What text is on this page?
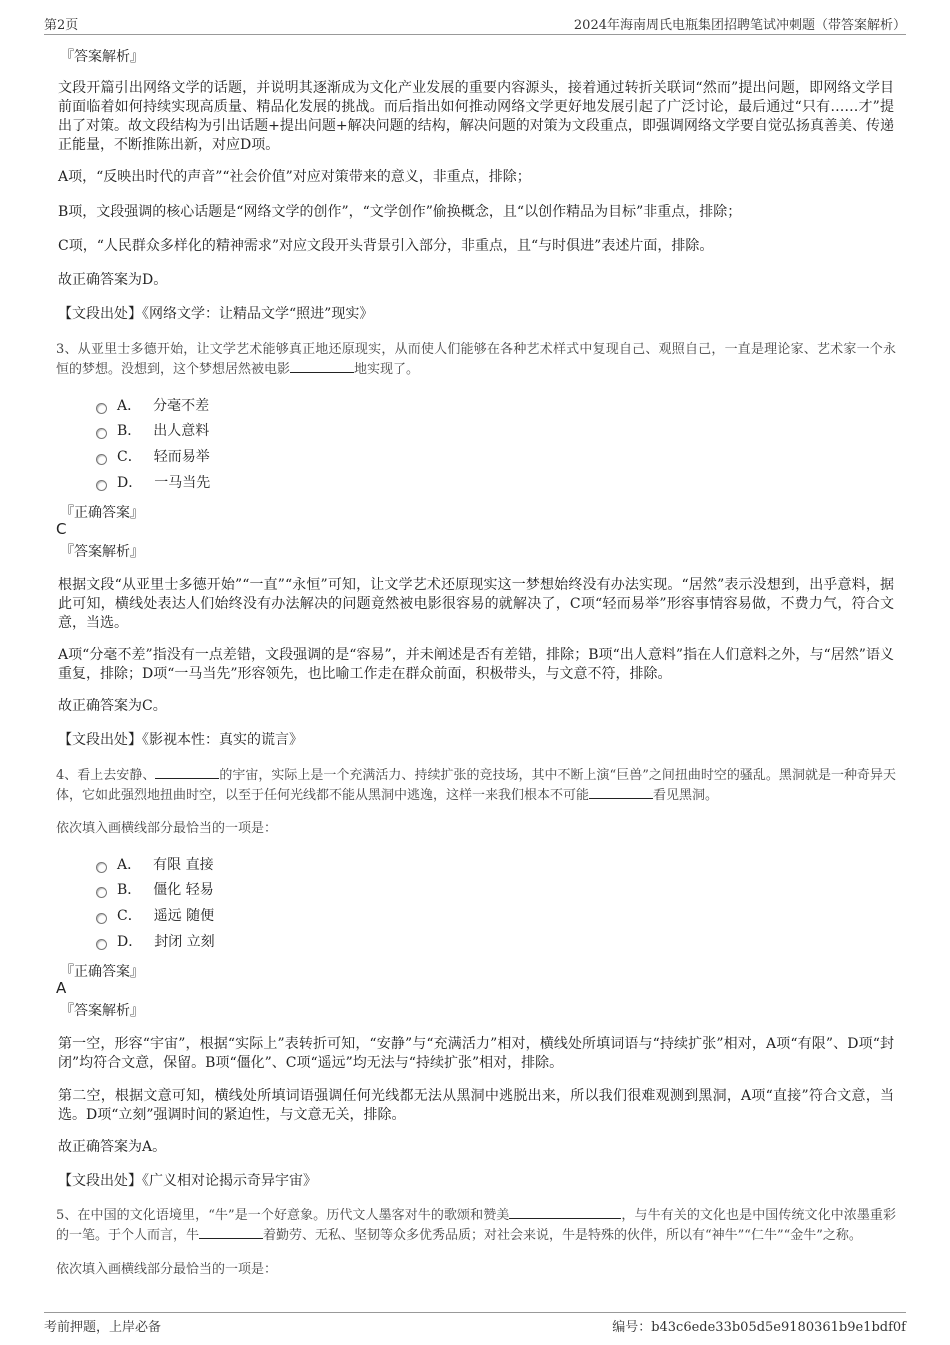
第2页	2024年海南周氏电瓶集团招聘笔试冲刺题（带答案解析）
『答案解析』
文段开篇引出网络文学的话题，并说明其逐渐成为文化产业发展的重要内容源头，接着通过转折关联词“然而”提出问题，即网络文学目前面临着如何持续实现高质量、精品化发展的挑战。而后指出如何推动网络文学更好地发展引起了广泛讨论，最后通过“只有……才”提出了对策。故文段结构为引出话题+提出问题+解决问题的结构，解决问题的对策为文段重点，即强调网络文学要自觉弘扬真善美、传递正能量，不断推陈出新，对应D项。
A项，“反映出时代的声音”“社会价值”对应对策带来的意义，非重点，排除；
B项，文段强调的核心话题是“网络文学的创作”，“文学创作”偷换概念，且“以创作精品为目标”非重点，排除；
C项，“人民群众多样化的精神需求”对应文段开头背景引入部分，非重点，且“与时俱进”表述片面，排除。
故正确答案为D。
【文段出处】《网络文学：让精品文学“照进”现实》
3、从亚里士多德开始，让文学艺术能够真正地还原现实，从而使人们能够在各种艺术样式中复现自己、观照自己，一直是理论家、艺术家一个永恒的梦想。没想到，这个梦想居然被电影	地实现了。
A． 分毫不差
B． 出人意料
C． 轻而易举
D． 一马当先
『正确答案』
C
『答案解析』
根据文段“从亚里士多德开始”“一直”“永恒”可知，让文学艺术还原现实这一梦想始终没有办法实现。“居然”表示没想到，出乎意料，据此可知，横线处表达人们始终没有办法解决的问题竟然被电影很容易的就解决了，C项“轻而易举”形容事情容易做，不费力气，符合文意，当选。
A项“分毫不差”指没有一点差错，文段强调的是“容易”，并未阐述是否有差错，排除；B项“出人意料”指在人们意料之外，与“居然”语义重复，排除；D项“一马当先”形容领先，也比喻工作走在群众前面，积极带头，与文意不符，排除。
故正确答案为C。
【文段出处】《影视本性：真实的谎言》
4、看上去安静、	的宇宙，实际上是一个充满活力、持续扩张的竞技场，其中不断上演“巨兽”之间扭曲时空的骚乱。黑洞就是一种奇异天体，它如此强烈地扭曲时空，以至于任何光线都不能从黑洞中逃逸，这样一来我们根本不可能	看见黑洞。
依次填入画横线部分最恰当的一项是：
A． 有限 直接
B． 僵化 轻易
C． 遥远 随便
D． 封闭 立刻
『正确答案』
A
『答案解析』
第一空，形容“宇宙”，根据“实际上”表转折可知，“安静”与“充满活力”相对，横线处所填词语与“持续扩张”相对，A项“有限”、D项“封闭”均符合文意，保留。B项“僵化”、C项“遥远”均无法与“持续扩张”相对，排除。
第二空，根据文意可知，横线处所填词语强调任何光线都无法从黑洞中逃脱出来，所以我们很难观测到黑洞，A项“直接”符合文意，当选。D项“立刻”强调时间的紧迫性，与文意无关，排除。
故正确答案为A。
【文段出处】《广义相对论揭示奇异宇宙》
5、在中国的文化语境里，“牛”是一个好意象。历代文人墨客对牛的歌颂和赞美	，与牛有关的文化也是中国传统文化中浓墨重彩的一笔。于个人而言，牛	着勤劳、无私、坚韧等众多优秀品质；对社会来说，牛是特殊的伙伴，所以有“神牛”“仁牛”“金牛”之称。
依次填入画横线部分最恰当的一项是：
考前押题，上岸必备	编号：b43c6ede33b05d5e9180361b9e1bdf0f
